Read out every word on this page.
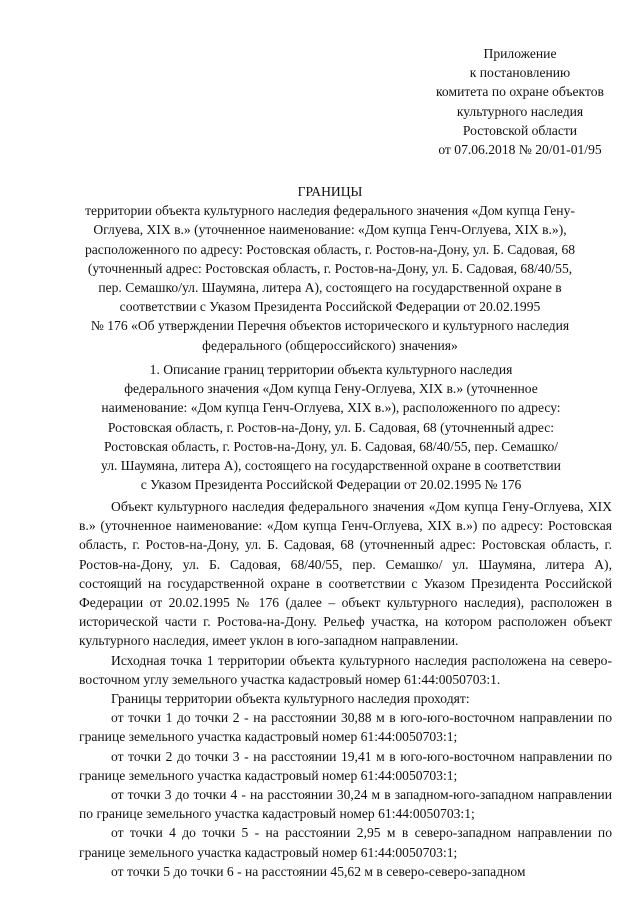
Приложение
к постановлению
комитета по охране объектов
культурного наследия
Ростовской области
от 07.06.2018 № 20/01-01/95
ГРАНИЦЫ
территории объекта культурного наследия федерального значения «Дом купца Гену-
Оглуева, XIX в.» (уточненное наименование: «Дом купца Генч-Оглуева, XIX в.»),
расположенного по адресу: Ростовская область, г. Ростов-на-Дону, ул. Б. Садовая, 68
(уточненный адрес: Ростовская область, г. Ростов-на-Дону, ул. Б. Садовая, 68/40/55,
пер. Семашко/ул. Шаумяна, литера А), состоящего на государственной охране в
соответствии с Указом Президента Российской Федерации от 20.02.1995
№ 176 «Об утверждении Перечня объектов исторического и культурного наследия
федерального (общероссийского) значения»
1. Описание границ территории объекта культурного наследия
федерального значения «Дом купца Гену-Оглуева, XIX в.» (уточненное
наименование: «Дом купца Генч-Оглуева, XIX в.»), расположенного по адресу:
Ростовская область, г. Ростов-на-Дону, ул. Б. Садовая, 68 (уточненный адрес:
Ростовская область, г. Ростов-на-Дону, ул. Б. Садовая, 68/40/55, пер. Семашко/
ул. Шаумяна, литера А), состоящего на государственной охране в соответствии
с Указом Президента Российской Федерации от 20.02.1995 № 176

Объект культурного наследия федерального значения «Дом купца Гену-Оглуева, XIX в.» (уточненное наименование: «Дом купца Генч-Оглуева, XIX в.») по адресу: Ростовская область, г. Ростов-на-Дону, ул. Б. Садовая, 68 (уточненный адрес: Ростовская область, г. Ростов-на-Дону, ул. Б. Садовая, 68/40/55, пер. Семашко/ ул. Шаумяна, литера А), состоящий на государственной охране в соответствии с Указом Президента Российской Федерации от 20.02.1995 № 176 (далее – объект культурного наследия), расположен в исторической части г. Ростова-на-Дону. Рельеф участка, на котором расположен объект культурного наследия, имеет уклон в юго-западном направлении.

Исходная точка 1 территории объекта культурного наследия расположена на северо-восточном углу земельного участка кадастровый номер 61:44:0050703:1.

Границы территории объекта культурного наследия проходят:

от точки 1 до точки 2 - на расстоянии 30,88 м в юго-юго-восточном направлении по границе земельного участка кадастровый номер 61:44:0050703:1;

от точки 2 до точки 3 - на расстоянии 19,41 м в юго-юго-восточном направлении по границе земельного участка кадастровый номер 61:44:0050703:1;

от точки 3 до точки 4 - на расстоянии 30,24 м в западном-юго-западном направлении по границе земельного участка кадастровый номер 61:44:0050703:1;

от точки 4 до точки 5 - на расстоянии 2,95 м в северо-западном направлении по границе земельного участка кадастровый номер 61:44:0050703:1;

от точки 5 до точки 6 - на расстоянии 45,62 м в северо-северо-западном
